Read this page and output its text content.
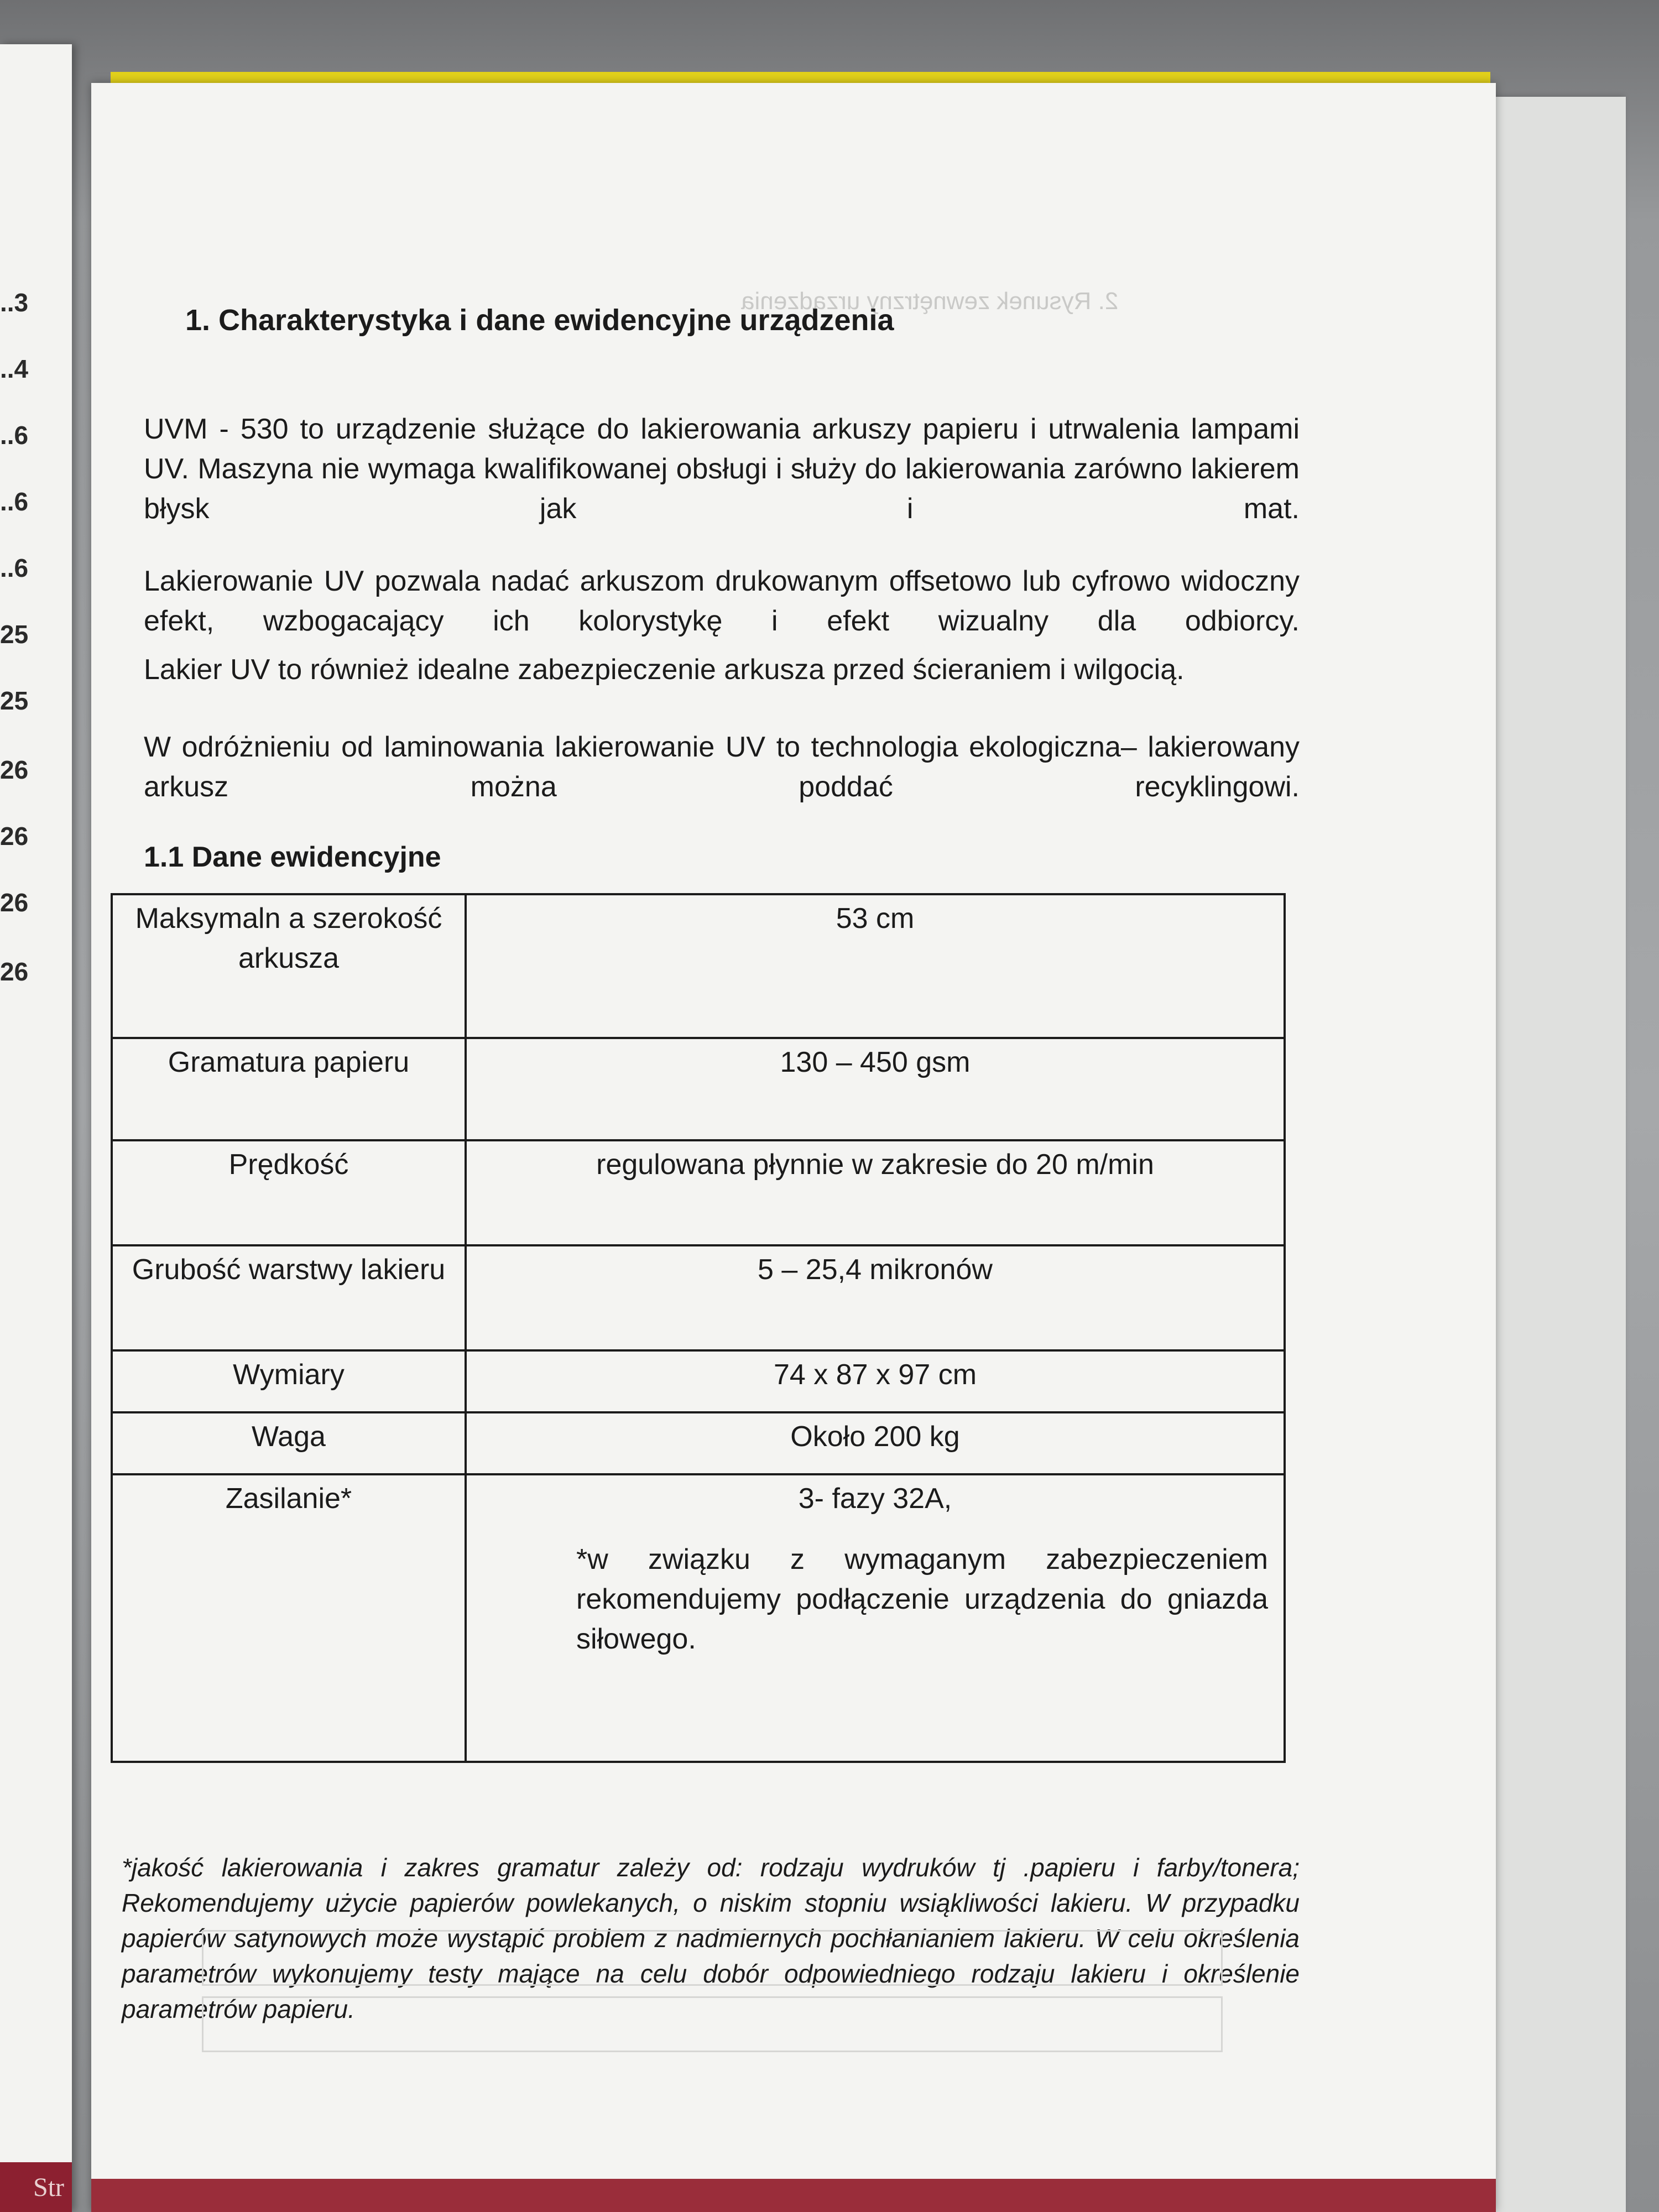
..3
..4
..6
..6
..6
25
25
26
26
26
26
Str
2. Rysunek zewnętrzny urządzenia
1. Charakterystyka i dane ewidencyjne urządzenia

UVM - 530 to urządzenie służące do lakierowania arkuszy papieru i utrwalenia lampami UV. Maszyna nie wymaga kwalifikowanej obsługi i służy do lakierowania zarówno lakierem błysk jak i mat.

Lakierowanie UV pozwala nadać arkuszom drukowanym offsetowo lub cyfrowo widoczny efekt, wzbogacający ich kolorystykę i efekt wizualny dla odbiorcy.

Lakier UV to również idealne zabezpieczenie arkusza przed ścieraniem i wilgocią.

W odróżnieniu od laminowania lakierowanie UV to technologia ekologiczna– lakierowany arkusz można poddać recyklingowi.

1.1 Dane ewidencyjne
Maksymaln a szerokość arkusza	53 cm
Gramatura papieru	130 – 450 gsm
Prędkość	regulowana płynnie w zakresie do 20 m/min
Grubość warstwy lakieru	5 – 25,4 mikronów
Wymiary	74 x 87 x 97 cm
Waga	Około 200 kg
Zasilanie*	3- fazy 32A,
*w związku z wymaganym zabezpieczeniem rekomendujemy podłączenie urządzenia do gniazda siłowego.

*jakość lakierowania i zakres gramatur zależy od: rodzaju wydruków tj .papieru i farby/tonera; Rekomendujemy użycie papierów powlekanych, o niskim stopniu wsiąkliwości lakieru. W przypadku papierów satynowych może wystąpić problem z nadmiernych pochłanianiem lakieru. W celu określenia parametrów wykonujemy testy mające na celu dobór odpowiedniego rodzaju lakieru i określenie parametrów papieru.
